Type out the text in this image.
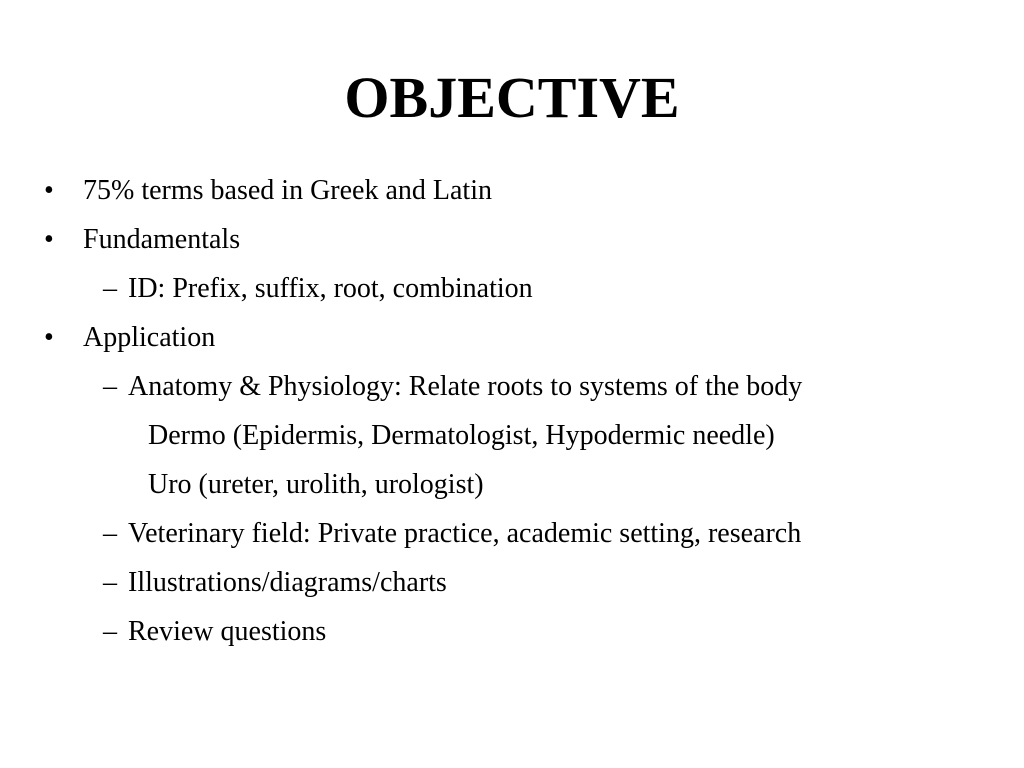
OBJECTIVE
• 75% terms based in Greek and Latin
• Fundamentals
– ID: Prefix, suffix, root, combination
• Application
– Anatomy & Physiology: Relate roots to systems of the body
Dermo (Epidermis, Dermatologist, Hypodermic needle)
Uro (ureter, urolith, urologist)
– Veterinary field: Private practice, academic setting, research
– Illustrations/diagrams/charts
– Review questions
